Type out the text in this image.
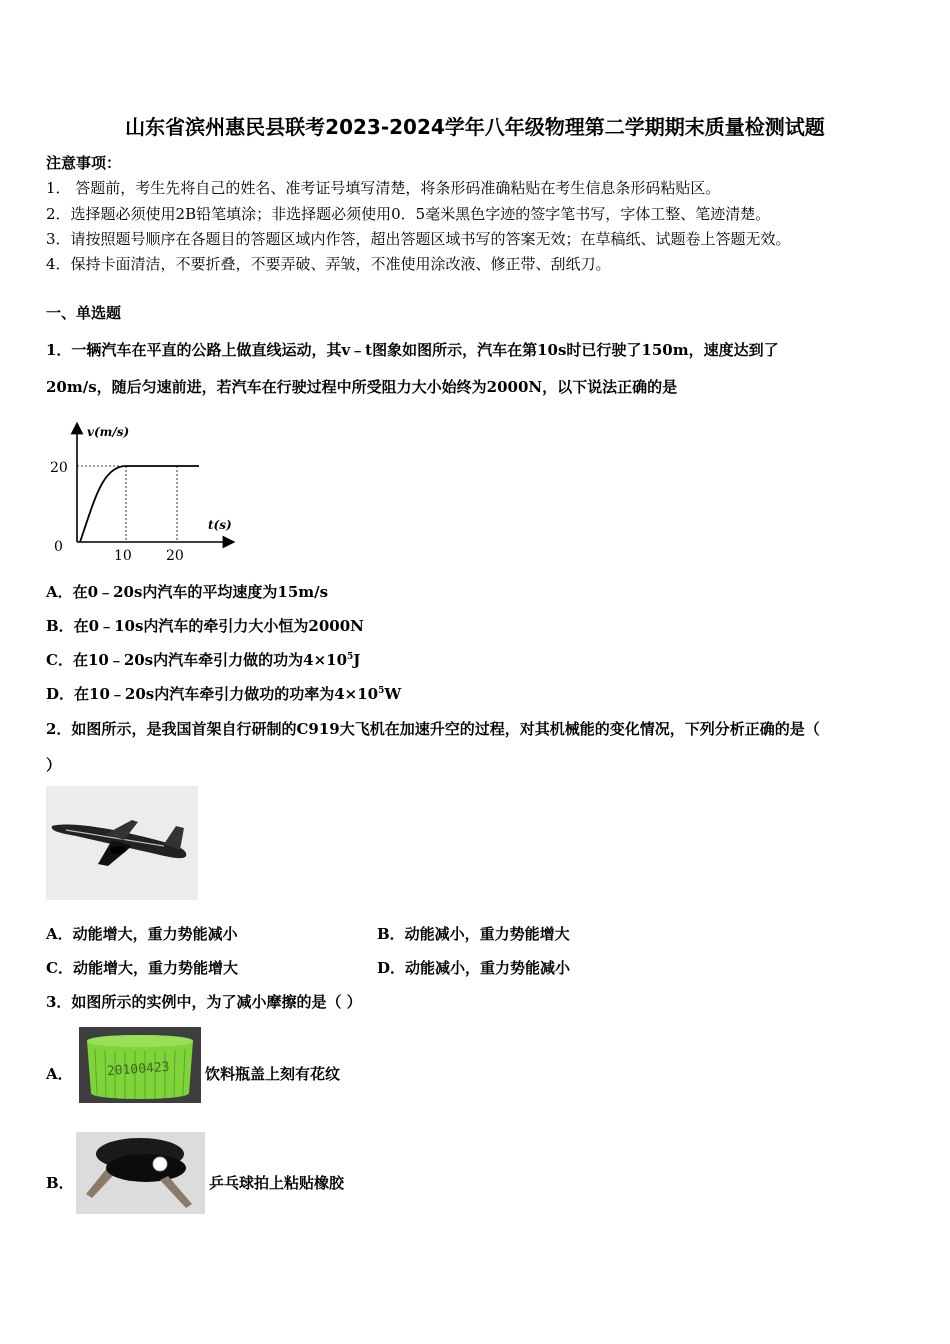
山东省滨州惠民县联考2023-2024学年八年级物理第二学期期末质量检测试题
注意事项：
1． 答题前，考生先将自己的姓名、准考证号填写清楚，将条形码准确粘贴在考生信息条形码粘贴区。
2．选择题必须使用2B铅笔填涂；非选择题必须使用0．5毫米黑色字迹的签字笔书写，字体工整、笔迹清楚。
3．请按照题号顺序在各题目的答题区域内作答，超出答题区域书写的答案无效；在草稿纸、试题卷上答题无效。
4．保持卡面清洁，不要折叠，不要弄破、弄皱，不准使用涂改液、修正带、刮纸刀。
一、单选题
1．一辆汽车在平直的公路上做直线运动，其v﹣t图象如图所示，汽车在第10s时已行驶了150m，速度达到了
20m/s，随后匀速前进，若汽车在行驶过程中所受阻力大小始终为2000N，以下说法正确的是
v(m/s)
t(s)
20
0
10 20
A．在0﹣20s内汽车的平均速度为15m/s
B．在0﹣10s内汽车的牵引力大小恒为2000N
C．在10﹣20s内汽车牵引力做的功为$4\times 10^5J$
D．在10﹣20s内汽车牵引力做功的功率为$4\times 10^5W$
2．如图所示，是我国首架自行研制的C919大飞机在加速升空的过程，对其机械能的变化情况，下列分析正确的是（
）
A．动能增大，重力势能减小	B．动能减小，重力势能增大
C．动能增大，重力势能增大	D．动能减小，重力势能减小
3．如图所示的实例中，为了减小摩擦的是（ ）
A．	20100423 饮料瓶盖上刻有花纹
B．	乒乓球拍上粘贴橡胶
